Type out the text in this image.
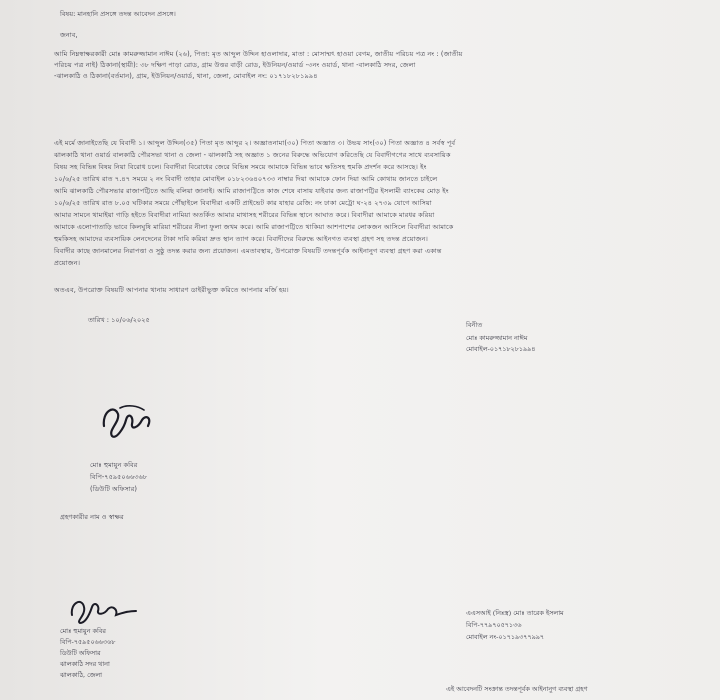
বিষয়: মানহানি প্রসঙ্গে তদন্ত আবেদন প্রসঙ্গে।
জনাব,
আমি নিম্নস্বাক্ষরকারী মোঃ কামরুজ্জামান নাঈম (২৬), পিতা: মৃত আব্দুল উদ্দিন হাওলাদার, মাতা : মোসাম্মৎ হাওয়া বেগম, জাতীয় পরিচয় পত্র নং : (জাতীয়
পরিচয় পত্র নাই) ঠিকানা(স্থায়ী): ৩৮ দক্ষিণ পাড়া রোড, গ্রাম উত্তর বাড়ী রোড, ইউনিয়ন/ওয়ার্ড -৩নং ওয়ার্ড, থানা -বালকাঠি সদর, জেলা
-ঝালকাঠি ও ঠিকানা(বর্তমান), গ্রাম, ইউনিয়ন/ওয়ার্ড, থানা, জেলা, মোবাইল নং: ০১৭১৮২৮১৯৯৪
এই মর্মে জানাইতেছি যে বিবাদী ১। আব্দুল উদ্দিন(৩৫) পিতা মৃত আব্দুর ২। অজ্ঞাতনামা(৩০) পিতা অজ্ঞাত ৩। উভয় সাং(৩০) পিতা অজ্ঞাত ৪ সর্বস্ব পূর্ব
ঝালকাঠি থানা ওয়ার্ড বালকাঠি পৌরসভা থানা ও জেলা - ঝালকাঠি সহ অজ্ঞাত ১ জনের বিরুদ্ধে অভিযোগ করিতেছি যে বিবাদীগণের সাথে ব্যবসায়িক
বিষয় সহ বিভিন্ন বিষয় নিয়া বিরোধ চলে। বিবাদীরা বিরোধের জেরে বিভিন্ন সময়ে আমাকে বিভিন্ন ভাবে ক্ষতিসহ হুমকি প্রদর্শন করে আসছে। ইং
১০/৬/২৫ তারিখ রাত ৭.৪৭ সময়ে ২ নং বিবাদী তাহার মোবাইল ০১৮২৩৬৪০৭৩৩ নাম্বার দিয়া আমাকে ফোন দিয়া আমি কোথায় জানতে চাইলে
আমি ঝালকাঠি পৌরসভার রাজাপট্টিতে আছি বলিয়া জানাই। আমি রাজাপট্টিতে কাজ শেষে বাসায় যাইবার জন্য রাজাপট্টির ইসলামী ব্যাংকের মোড় ইং
১০/৬/২৫ তারিখ রাত ৮.০৫ ঘটিকার সময়ে পৌঁছাইলে বিবাদীরা একটি প্রাইভেট কার যাহার রেজি: নং ঢাকা মেট্রো ঘ-২৪ ২৭৩৯ যোগে আসিয়া
আমার সামনে থামাইয়া গাড়ি হইতে বিবাদীরা নামিয়া অতর্কিত আমার মাথাসহ শরীরের বিভিন্ন স্থানে আঘাত করে। বিবাদীরা আমাকে মারধর করিয়া
আমাকে এলোপাতাড়ি ভাবে কিলঘুষি মারিয়া শরীরের নীলা ফুলা জখম করে। আমি রাজাপট্টিতে থাকিয়া আশপাশের লোকজন আসিলে বিবাদীরা আমাকে
হুমকিসহ আমাদের ব্যবসায়িক লেনদেনের টাকা দাবি করিয়া দ্রুত স্থান ত্যাগ করে। বিবাদীদের বিরুদ্ধে আইনগত ব্যবস্থা গ্রহণ সহ তদন্ত প্রয়োজন।
বিবাদীর কাছে জানমালের নিরাপত্তা ও সুষ্ঠু তদন্ত করার জন্য প্রয়োজন। এমতাবস্থায়, উপরোক্ত বিষয়টি তদন্তপূর্বক আইনানুগ ব্যবস্থা গ্রহণ করা একান্ত
প্রয়োজন।
অতএব, উপরোক্ত বিষয়টি আপনার থানায় সাধারণ ডাইরীভুক্ত করিতে আপনার মর্জি হয়।
তারিখ : ১০/০৬/২০২৫
বিনীত
মোঃ কামরুজ্জামান নাঈম
মোবাইল-০১৭১৮২৮১৯৯৪
মোঃ হুমায়ুন কবির
বিপি-৭৫৯৫০৬৬৩৬৮
(ডিউটি অফিসার)
গ্রহণকারীর নাম ও স্বাক্ষর
মোঃ হুমায়ুন কবির
বিপি-৭৫৯৫০৬৬৩৬৮
ডিউটি অফিসার
ঝালকাঠি সদর থানা
ঝালকাঠি, জেলা
এএসআই (নিঃস্ত্র) মোঃ তারেক ইসলাম
বিপি-৭৭৯৭০৫৭১৩৬
মোবাইল নং-০১৭১৯৩৭৭৯৯৭
এই আবেদনটি সংক্রান্ত তদন্তপূর্বক আইনানুগ ব্যবস্থা গ্রহণ
